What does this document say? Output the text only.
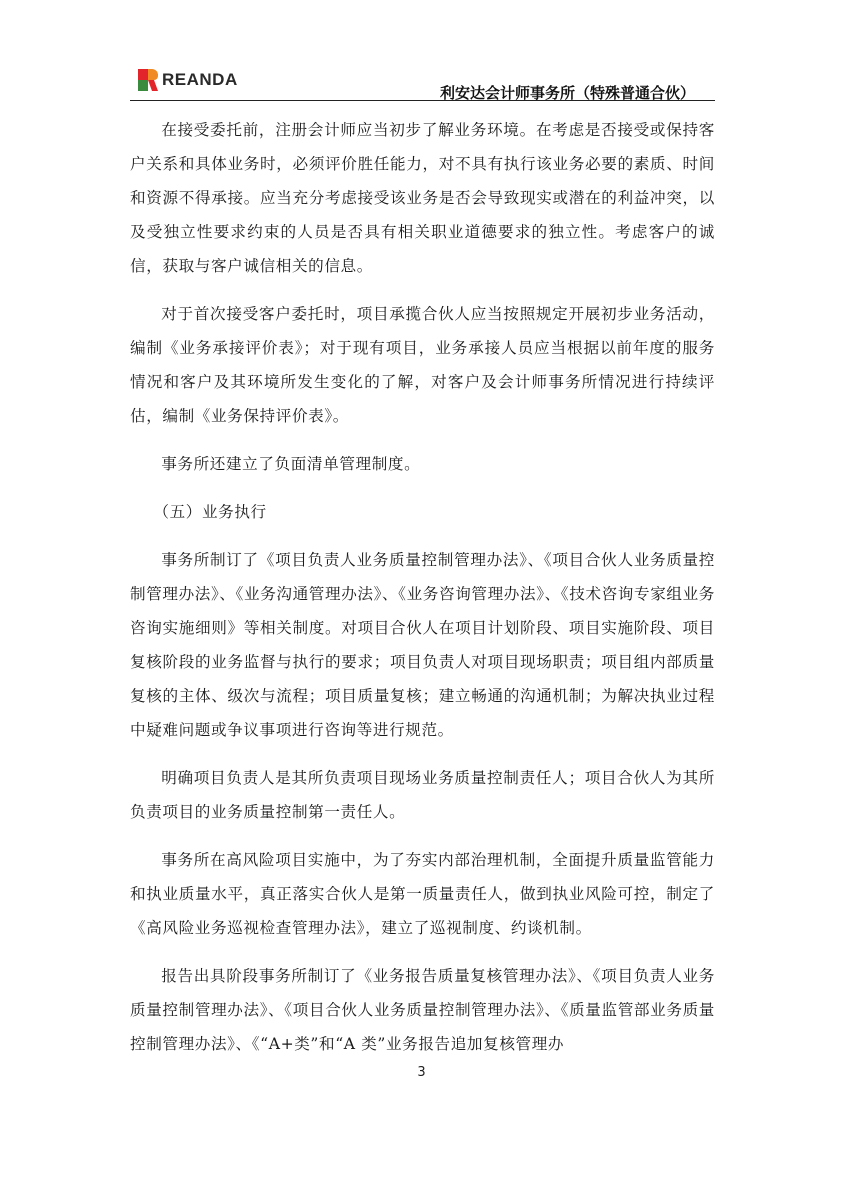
REANDA
利安达会计师事务所（特殊普通合伙）

在接受委托前，注册会计师应当初步了解业务环境。在考虑是否接受或保持客户关系和具体业务时，必须评价胜任能力，对不具有执行该业务必要的素质、时间和资源不得承接。应当充分考虑接受该业务是否会导致现实或潜在的利益冲突，以及受独立性要求约束的人员是否具有相关职业道德要求的独立性。考虑客户的诚信，获取与客户诚信相关的信息。

对于首次接受客户委托时，项目承揽合伙人应当按照规定开展初步业务活动，编制《业务承接评价表》；对于现有项目，业务承接人员应当根据以前年度的服务情况和客户及其环境所发生变化的了解，对客户及会计师事务所情况进行持续评估，编制《业务保持评价表》。

事务所还建立了负面清单管理制度。

（五）业务执行

事务所制订了《项目负责人业务质量控制管理办法》、《项目合伙人业务质量控制管理办法》、《业务沟通管理办法》、《业务咨询管理办法》、《技术咨询专家组业务咨询实施细则》等相关制度。对项目合伙人在项目计划阶段、项目实施阶段、项目复核阶段的业务监督与执行的要求；项目负责人对项目现场职责；项目组内部质量复核的主体、级次与流程；项目质量复核；建立畅通的沟通机制；为解决执业过程中疑难问题或争议事项进行咨询等进行规范。

明确项目负责人是其所负责项目现场业务质量控制责任人；项目合伙人为其所负责项目的业务质量控制第一责任人。

事务所在高风险项目实施中，为了夯实内部治理机制，全面提升质量监管能力和执业质量水平，真正落实合伙人是第一质量责任人，做到执业风险可控，制定了《高风险业务巡视检查管理办法》，建立了巡视制度、约谈机制。

报告出具阶段事务所制订了《业务报告质量复核管理办法》、《项目负责人业务质量控制管理办法》、《项目合伙人业务质量控制管理办法》、《质量监管部业务质量控制管理办法》、《“A+类”和“A 类”业务报告追加复核管理办

3
